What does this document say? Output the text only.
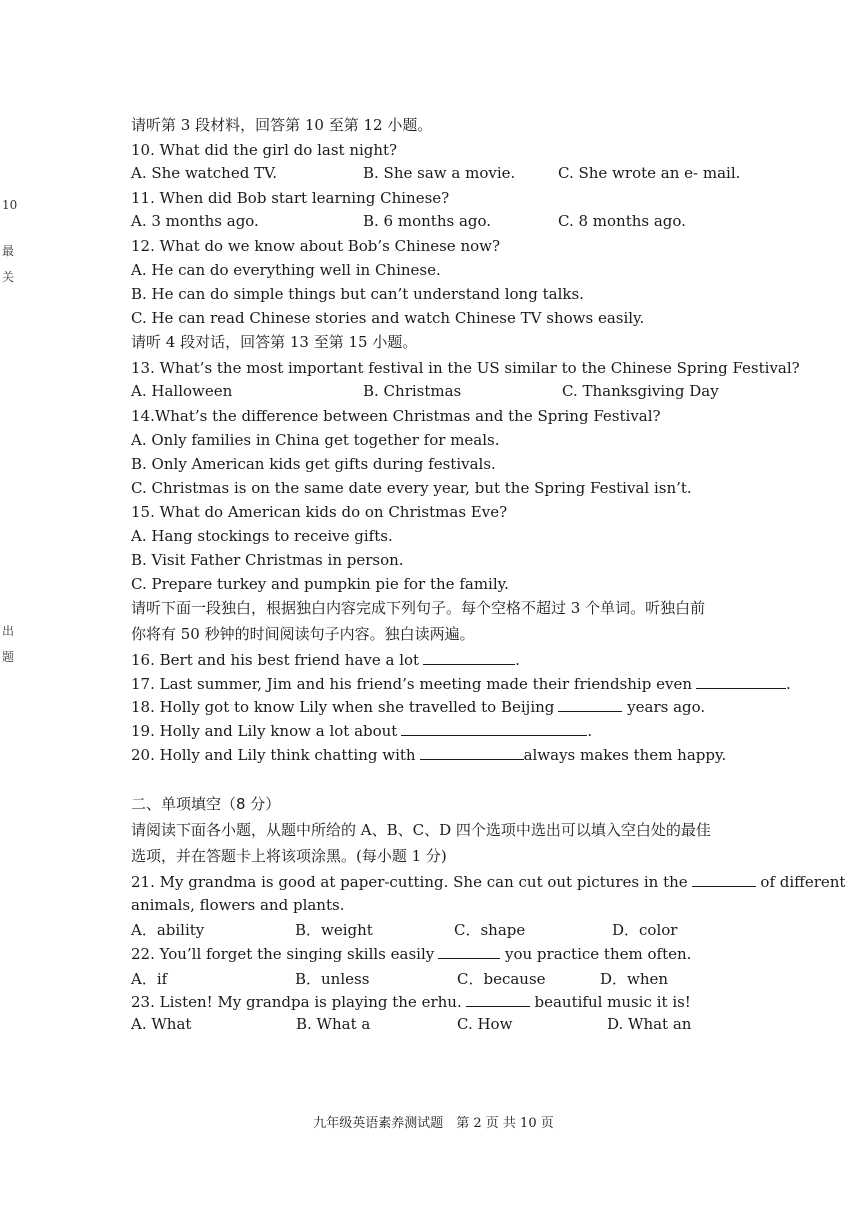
10
最
关
出
题
请听第 3 段材料，回答第 10 至第 12 小题。
10. What did the girl do last night?
A. She watched TV.	B. She saw a movie.	C. She wrote an e- mail.
11. When did Bob start learning Chinese?
A. 3 months ago.	B. 6 months ago.	C. 8 months ago.
12. What do we know about Bob’s Chinese now?
A. He can do everything well in Chinese.
B. He can do simple things but can’t understand long talks.
C. He can read Chinese stories and watch Chinese TV shows easily.
请听 4 段对话，回答第 13 至第 15 小题。
13. What’s the most important festival in the US similar to the Chinese Spring Festival?
A. Halloween	B. Christmas	C. Thanksgiving Day
14.What’s the difference between Christmas and the Spring Festival?
A. Only families in China get together for meals.
B. Only American kids get gifts during festivals.
C. Christmas is on the same date every year, but the Spring Festival isn’t.
15. What do American kids do on Christmas Eve?
A. Hang stockings to receive gifts.
B. Visit Father Christmas in person.
C. Prepare turkey and pumpkin pie for the family.
请听下面一段独白，根据独白内容完成下列句子。每个空格不超过 3 个单词。听独白前
你将有 50 秒钟的时间阅读句子内容。独白读两遍。
16. Bert and his best friend have a lot	.
17. Last summer, Jim and his friend’s meeting made their friendship even	.
18. Holly got to know Lily when she travelled to Beijing	years ago.
19. Holly and Lily know a lot about	.
20. Holly and Lily think chatting with	always makes them happy.
二、单项填空（8 分）
请阅读下面各小题，从题中所给的 A、B、C、D 四个选项中选出可以填入空白处的最佳
选项，并在答题卡上将该项涂黑。(每小题 1 分)
21. My grandma is good at paper-cutting. She can cut out pictures in the	of different
animals, flowers and plants.
A．ability	B．weight	C．shape	D．color
22. You’ll forget the singing skills easily	you practice them often.
A．if	B．unless	C．because	D．when
23. Listen! My grandpa is playing the erhu.	beautiful music it is!
A. What	B. What a	C. How	D. What an
九年级英语素养测试题　第 2 页 共 10 页
